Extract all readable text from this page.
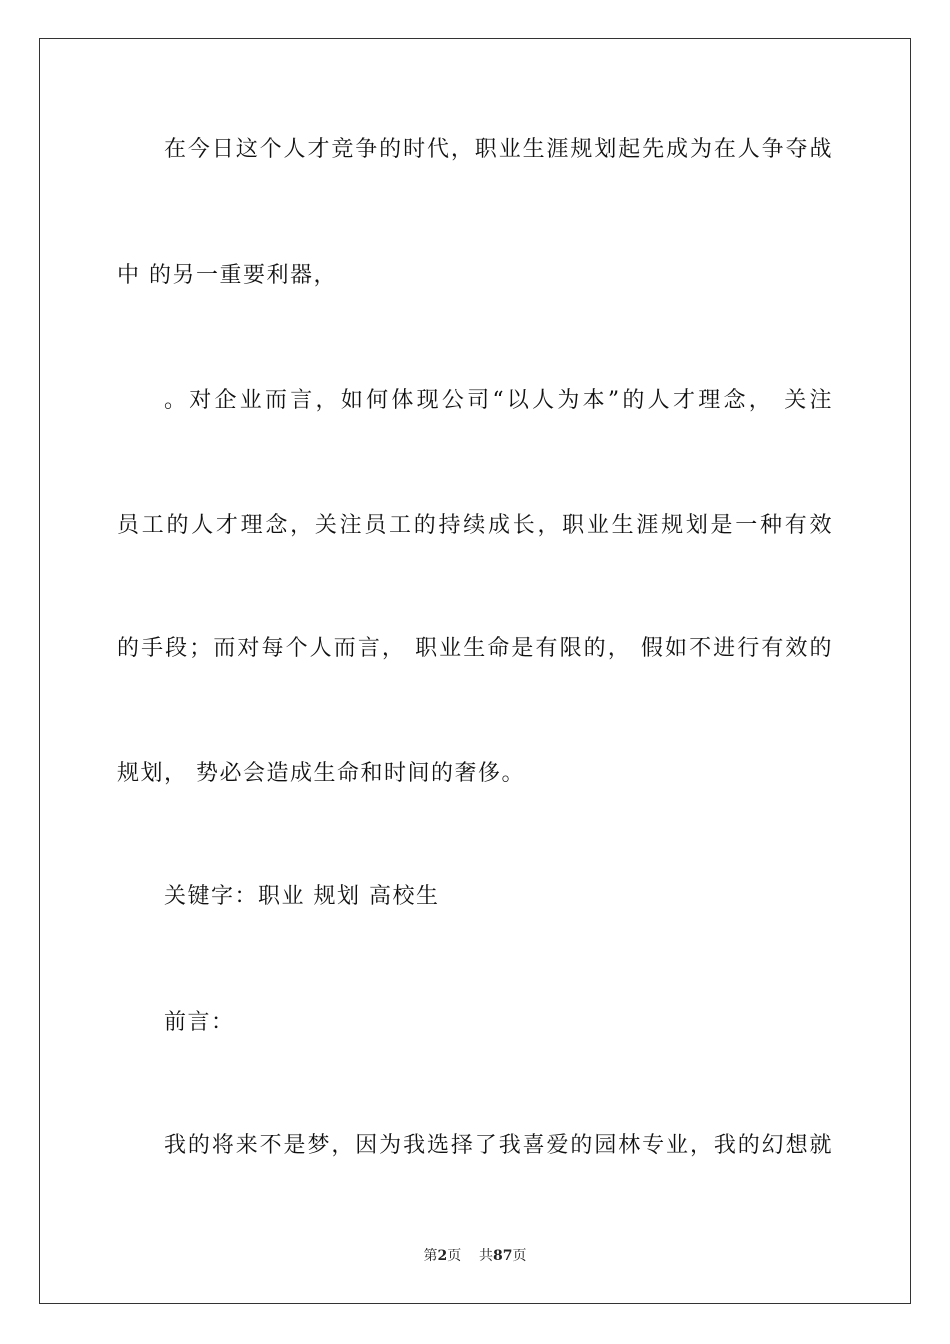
在今日这个人才竞争的时代，职业生涯规划起先成为在人争夺战
中 的另一重要利器，
。对企业而言，如何体现公司“以人为本”的人才理念， 关注
员工的人才理念，关注员工的持续成长，职业生涯规划是一种有效
的手段；而对每个人而言， 职业生命是有限的， 假如不进行有效的
规划， 势必会造成生命和时间的奢侈。
关键字：职业 规划 高校生
前言：
我的将来不是梦，因为我选择了我喜爱的园林专业，我的幻想就
第2页 共87页
